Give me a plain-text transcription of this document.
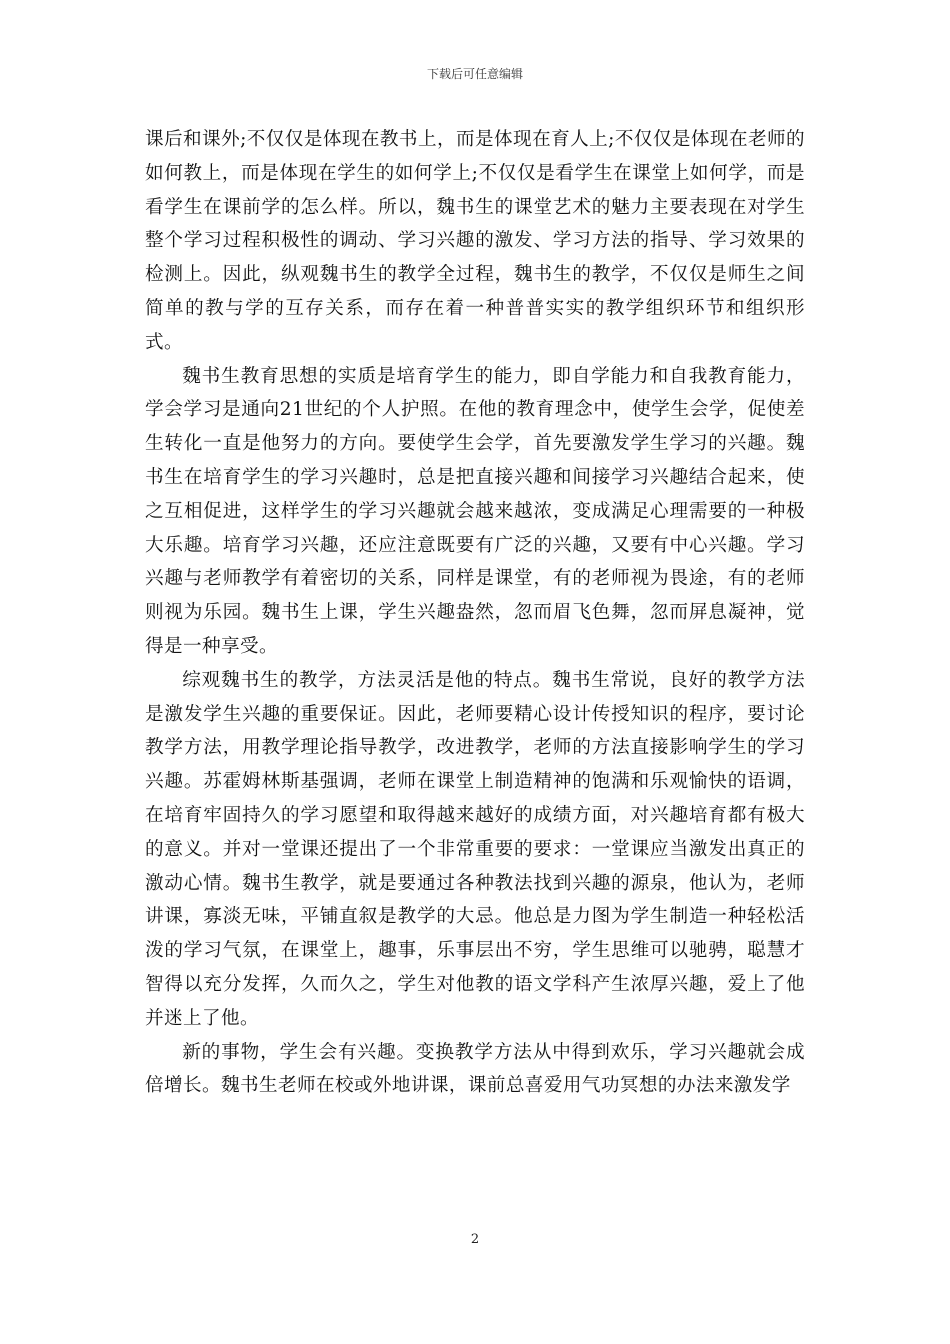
下载后可任意编辑

课后和课外;不仅仅是体现在教书上，而是体现在育人上;不仅仅是体现在老师的如何教上，而是体现在学生的如何学上;不仅仅是看学生在课堂上如何学，而是看学生在课前学的怎么样。所以，魏书生的课堂艺术的魅力主要表现在对学生整个学习过程积极性的调动、学习兴趣的激发、学习方法的指导、学习效果的检测上。因此，纵观魏书生的教学全过程，魏书生的教学，不仅仅是师生之间简单的教与学的互存关系，而存在着一种普普实实的教学组织环节和组织形式。

魏书生教育思想的实质是培育学生的能力，即自学能力和自我教育能力，学会学习是通向21世纪的个人护照。在他的教育理念中，使学生会学，促使差生转化一直是他努力的方向。要使学生会学，首先要激发学生学习的兴趣。魏书生在培育学生的学习兴趣时，总是把直接兴趣和间接学习兴趣结合起来，使之互相促进，这样学生的学习兴趣就会越来越浓，变成满足心理需要的一种极大乐趣。培育学习兴趣，还应注意既要有广泛的兴趣，又要有中心兴趣。学习兴趣与老师教学有着密切的关系，同样是课堂，有的老师视为畏途，有的老师则视为乐园。魏书生上课，学生兴趣盎然，忽而眉飞色舞，忽而屏息凝神，觉得是一种享受。

综观魏书生的教学，方法灵活是他的特点。魏书生常说，良好的教学方法是激发学生兴趣的重要保证。因此，老师要精心设计传授知识的程序，要讨论教学方法，用教学理论指导教学，改进教学，老师的方法直接影响学生的学习兴趣。苏霍姆林斯基强调，老师在课堂上制造精神的饱满和乐观愉快的语调，在培育牢固持久的学习愿望和取得越来越好的成绩方面，对兴趣培育都有极大的意义。并对一堂课还提出了一个非常重要的要求：一堂课应当激发出真正的激动心情。魏书生教学，就是要通过各种教法找到兴趣的源泉，他认为，老师讲课，寡淡无味，平铺直叙是教学的大忌。他总是力图为学生制造一种轻松活泼的学习气氛，在课堂上，趣事，乐事层出不穷，学生思维可以驰骋，聪慧才智得以充分发挥，久而久之，学生对他教的语文学科产生浓厚兴趣，爱上了他并迷上了他。

新的事物，学生会有兴趣。变换教学方法从中得到欢乐，学习兴趣就会成倍增长。魏书生老师在校或外地讲课，课前总喜爱用气功冥想的办法来激发学

2
